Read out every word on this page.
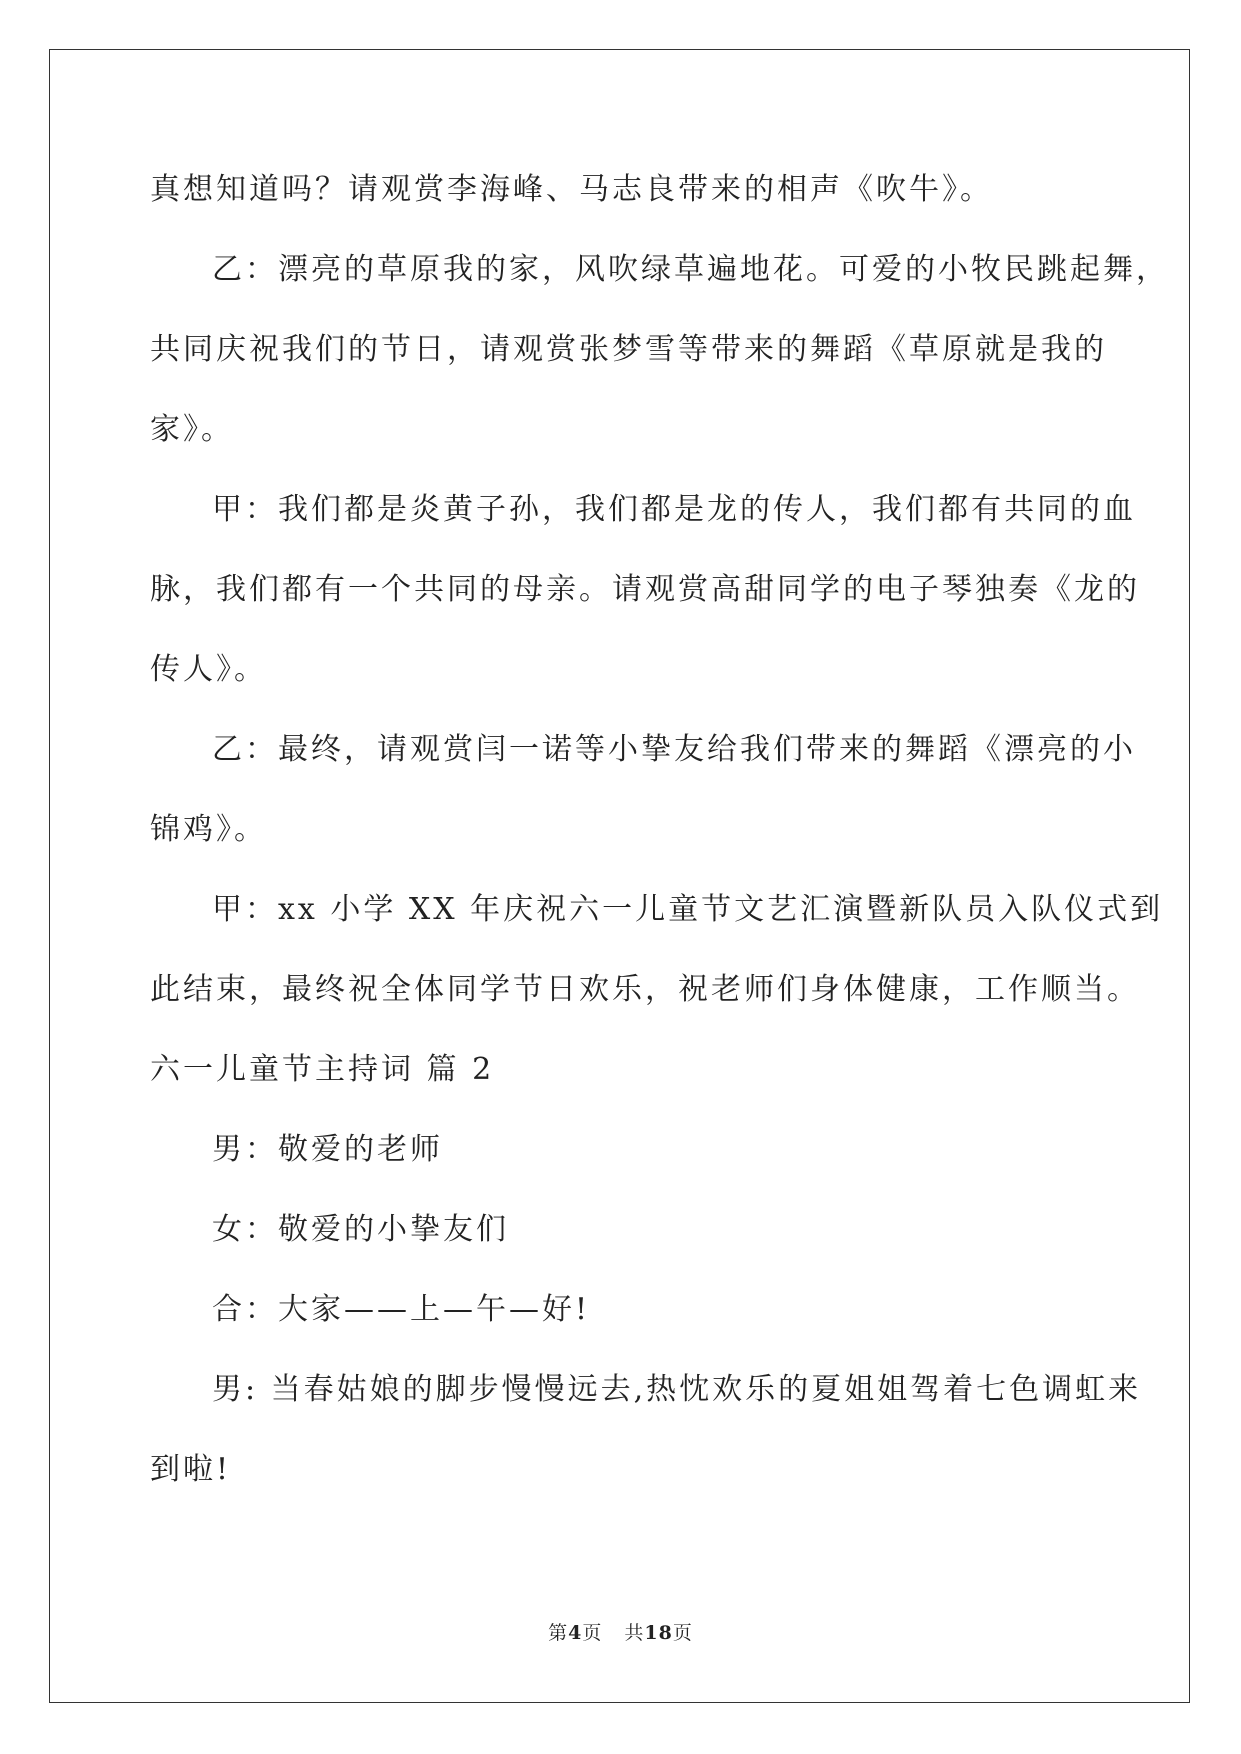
真想知道吗？请观赏李海峰、马志良带来的相声《吹牛》。
乙：漂亮的草原我的家，风吹绿草遍地花。可爱的小牧民跳起舞，
共同庆祝我们的节日，请观赏张梦雪等带来的舞蹈《草原就是我的
家》。
甲：我们都是炎黄子孙，我们都是龙的传人，我们都有共同的血
脉，我们都有一个共同的母亲。请观赏高甜同学的电子琴独奏《龙的
传人》。
乙：最终，请观赏闫一诺等小挚友给我们带来的舞蹈《漂亮的小
锦鸡》。
甲：xx 小学 XX 年庆祝六一儿童节文艺汇演暨新队员入队仪式到
此结束，最终祝全体同学节日欢乐，祝老师们身体健康，工作顺当。
六一儿童节主持词 篇 2
男：敬爱的老师
女：敬爱的小挚友们
合：大家——上—午—好!
男: 当春姑娘的脚步慢慢远去,热忱欢乐的夏姐姐驾着七色调虹来
到啦!
第4页 共18页
